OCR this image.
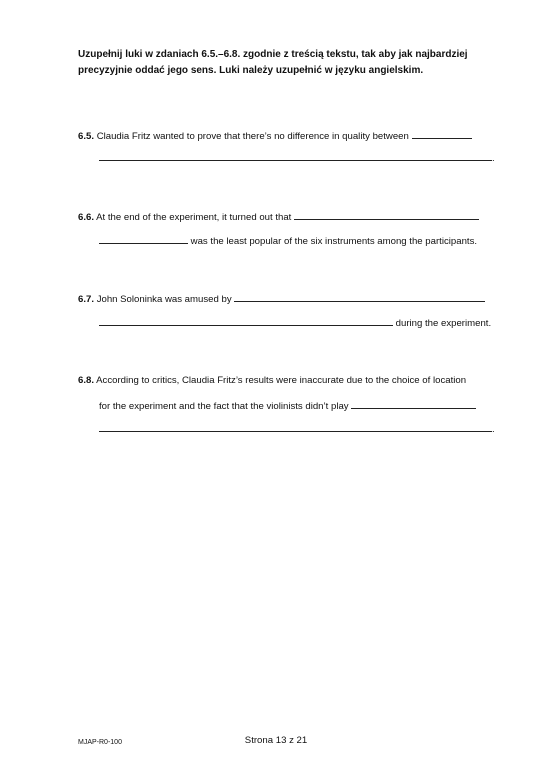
Uzupełnij luki w zdaniach 6.5.–6.8. zgodnie z treścią tekstu, tak aby jak najbardziej precyzyjnie oddać jego sens. Luki należy uzupełnić w języku angielskim.
6.5. Claudia Fritz wanted to prove that there’s no difference in quality between
.
6.6. At the end of the experiment, it turned out that
was the least popular of the six instruments among the participants.
6.7. John Soloninka was amused by
during the experiment.
6.8. According to critics, Claudia Fritz’s results were inaccurate due to the choice of location
for the experiment and the fact that the violinists didn’t play
.
MJAP-R0-100	Strona 13 z 21
